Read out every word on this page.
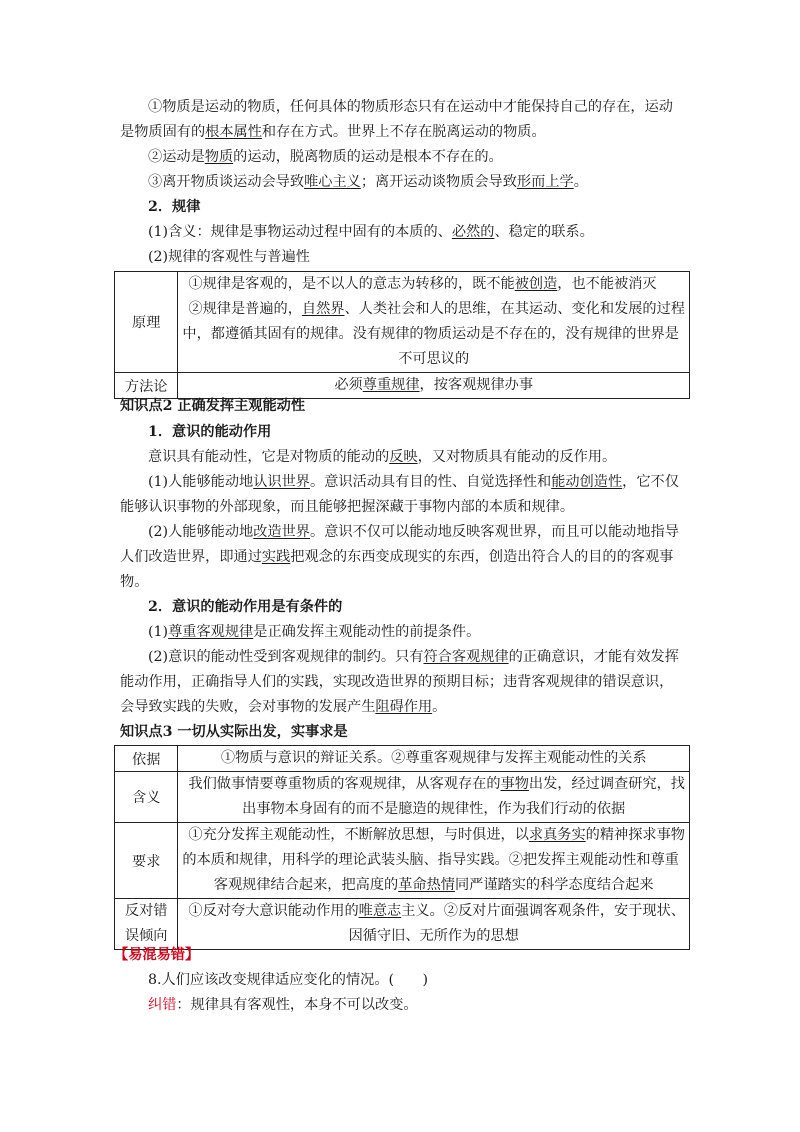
①物质是运动的物质，任何具体的物质形态只有在运动中才能保持自己的存在，运动
是物质固有的根本属性和存在方式。世界上不存在脱离运动的物质。
②运动是物质的运动，脱离物质的运动是根本不存在的。
③离开物质谈运动会导致唯心主义；离开运动谈物质会导致形而上学。
2．规律
(1)含义：规律是事物运动过程中固有的本质的、必然的、稳定的联系。
(2)规律的客观性与普遍性
原理	①规律是客观的，是不以人的意志为转移的，既不能被创造，也不能被消灭
②规律是普遍的，自然界、人类社会和人的思维，在其运动、变化和发展的过程
中，都遵循其固有的规律。没有规律的物质运动是不存在的，没有规律的世界是
不可思议的

方法论	必须尊重规律，按客观规律办事
知识点2 正确发挥主观能动性
1．意识的能动作用
意识具有能动性，它是对物质的能动的反映，又对物质具有能动的反作用。
(1)人能够能动地认识世界。意识活动具有目的性、自觉选择性和能动创造性，它不仅
能够认识事物的外部现象，而且能够把握深藏于事物内部的本质和规律。
(2)人能够能动地改造世界。意识不仅可以能动地反映客观世界，而且可以能动地指导
人们改造世界，即通过实践把观念的东西变成现实的东西，创造出符合人的目的的客观事
物。
2．意识的能动作用是有条件的
(1)尊重客观规律是正确发挥主观能动性的前提条件。
(2)意识的能动性受到客观规律的制约。只有符合客观规律的正确意识，才能有效发挥
能动作用，正确指导人们的实践，实现改造世界的预期目标；违背客观规律的错误意识，
会导致实践的失败，会对事物的发展产生阻碍作用。
知识点3 一切从实际出发，实事求是
依据	①物质与意识的辩证关系。②尊重客观规律与发挥主观能动性的关系
含义	我们做事情要尊重物质的客观规律，从客观存在的事物出发，经过调查研究，找
出事物本身固有的而不是臆造的规律性，作为我们行动的依据

要求	①充分发挥主观能动性，不断解放思想，与时俱进，以求真务实的精神探求事物
的本质和规律，用科学的理论武装头脑、指导实践。②把发挥主观能动性和尊重
客观规律结合起来，把高度的革命热情同严谨踏实的科学态度结合起来

反对错
误倾向	①反对夸大意识能动作用的唯意志主义。②反对片面强调客观条件，安于现状、
因循守旧、无所作为的思想
【易混易错】
8.人们应该改变规律适应变化的情况。(　　)
纠错：规律具有客观性，本身不可以改变。
